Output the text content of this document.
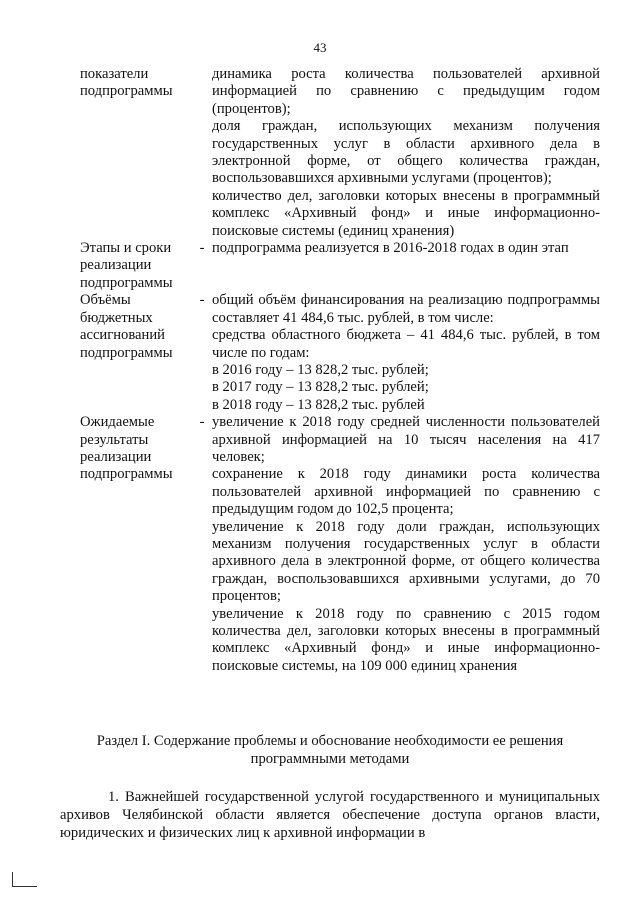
43
показатели подпрограммы

динамика роста количества пользователей архивной информацией по сравнению с предыдущим годом (процентов);

доля граждан, использующих механизм получения государственных услуг в области архивного дела в электронной форме, от общего количества граждан, воспользовавшихся архивными услугами (процентов);

количество дел, заголовки которых внесены в программный комплекс «Архивный фонд» и иные информационно-поисковые системы (единиц хранения)

Этапы и сроки реализации подпрограммы
- подпрограмма реализуется в 2016-2018 годах в один этап

Объёмы бюджетных ассигнований подпрограммы
- общий объём финансирования на реализацию подпрограммы составляет 41 484,6 тыс. рублей, в том числе:

средства областного бюджета – 41 484,6 тыс. рублей, в том числе по годам:

в 2016 году – 13 828,2 тыс. рублей;

в 2017 году – 13 828,2 тыс. рублей;

в 2018 году – 13 828,2 тыс. рублей

Ожидаемые результаты реализации подпрограммы
- увеличение к 2018 году средней численности пользователей архивной информацией на 10 тысяч населения на 417 человек;

сохранение к 2018 году динамики роста количества пользователей архивной информацией по сравнению с предыдущим годом до 102,5 процента;

увеличение к 2018 году доли граждан, использующих механизм получения государственных услуг в области архивного дела в электронной форме, от общего количества граждан, воспользовавшихся архивными услугами, до 70 процентов;

увеличение к 2018 году по сравнению с 2015 годом количества дел, заголовки которых внесены в программный комплекс «Архивный фонд» и иные информационно-поисковые системы, на 109 000 единиц хранения

Раздел I. Содержание проблемы и обоснование необходимости ее решения программными методами

1. Важнейшей государственной услугой государственного и муниципальных архивов Челябинской области является обеспечение доступа органов власти, юридических и физических лиц к архивной информации в
